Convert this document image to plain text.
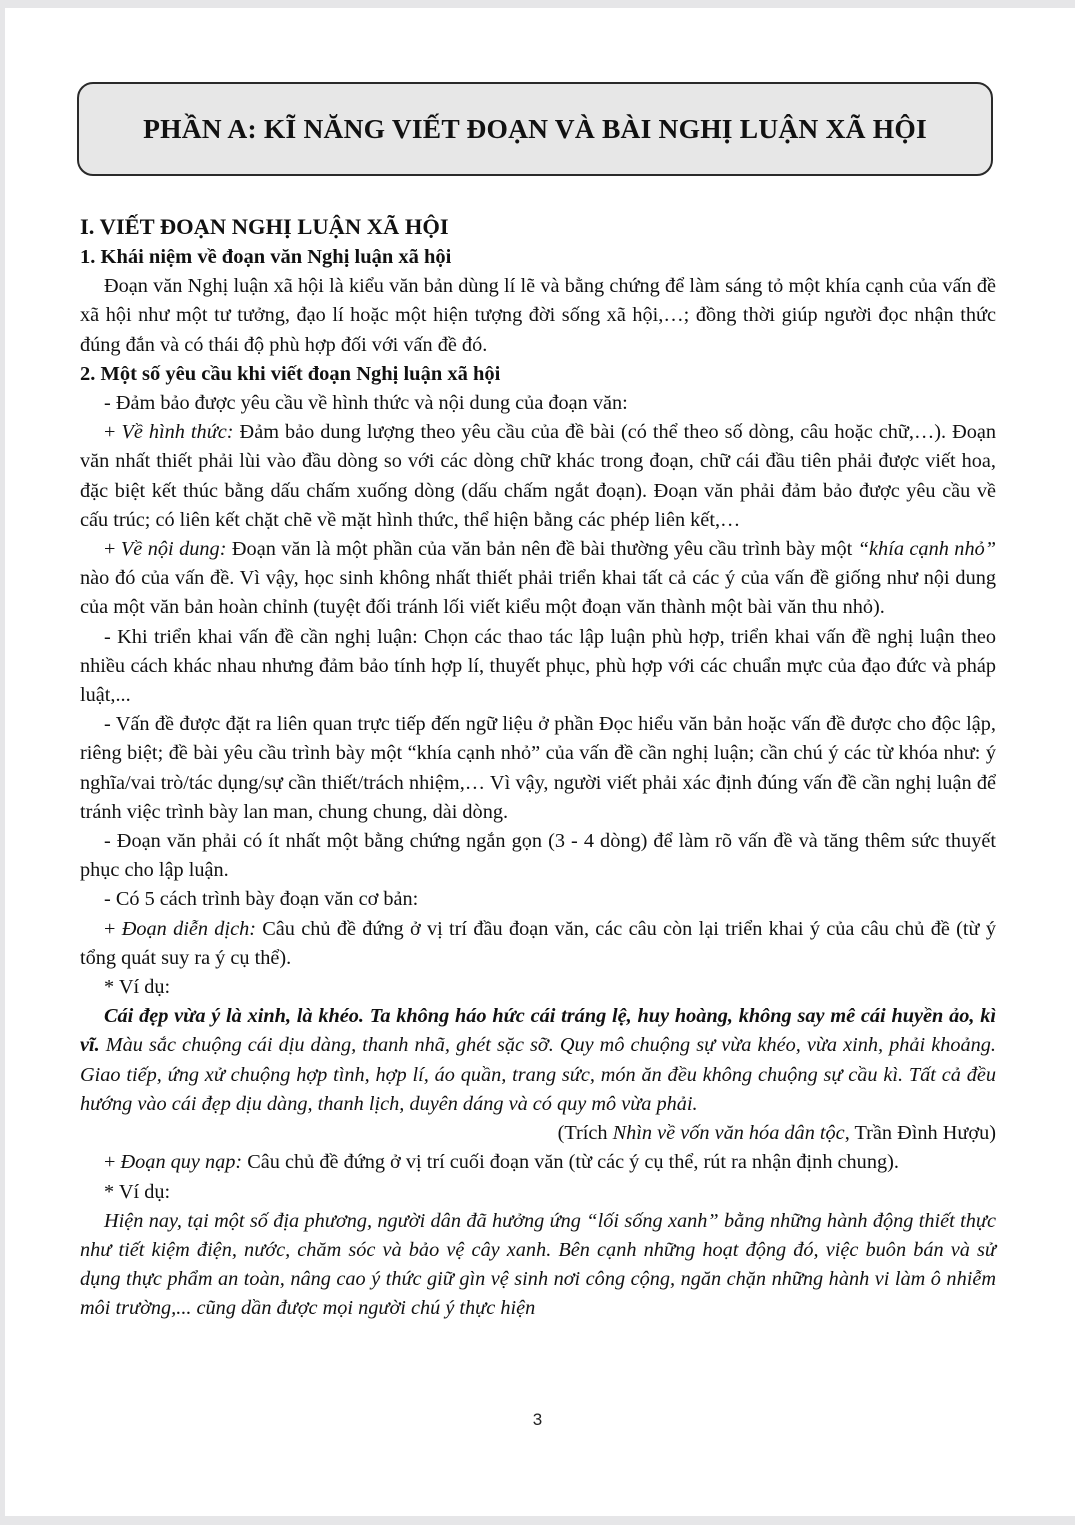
PHẦN A: KĨ NĂNG VIẾT ĐOẠN VÀ BÀI NGHỊ LUẬN XÃ HỘI

I. VIẾT ĐOẠN NGHỊ LUẬN XÃ HỘI

1. Khái niệm về đoạn văn Nghị luận xã hội

Đoạn văn Nghị luận xã hội là kiểu văn bản dùng lí lẽ và bằng chứng để làm sáng tỏ một khía cạnh của vấn đề xã hội như một tư tưởng, đạo lí hoặc một hiện tượng đời sống xã hội,…; đồng thời giúp người đọc nhận thức đúng đắn và có thái độ phù hợp đối với vấn đề đó.

2. Một số yêu cầu khi viết đoạn Nghị luận xã hội

- Đảm bảo được yêu cầu về hình thức và nội dung của đoạn văn:

+ Về hình thức: Đảm bảo dung lượng theo yêu cầu của đề bài (có thể theo số dòng, câu hoặc chữ,…). Đoạn văn nhất thiết phải lùi vào đầu dòng so với các dòng chữ khác trong đoạn, chữ cái đầu tiên phải được viết hoa, đặc biệt kết thúc bằng dấu chấm xuống dòng (dấu chấm ngắt đoạn). Đoạn văn phải đảm bảo được yêu cầu về cấu trúc; có liên kết chặt chẽ về mặt hình thức, thể hiện bằng các phép liên kết,…

+ Về nội dung: Đoạn văn là một phần của văn bản nên đề bài thường yêu cầu trình bày một “khía cạnh nhỏ” nào đó của vấn đề. Vì vậy, học sinh không nhất thiết phải triển khai tất cả các ý của vấn đề giống như nội dung của một văn bản hoàn chỉnh (tuyệt đối tránh lối viết kiểu một đoạn văn thành một bài văn thu nhỏ).

- Khi triển khai vấn đề cần nghị luận: Chọn các thao tác lập luận phù hợp, triển khai vấn đề nghị luận theo nhiều cách khác nhau nhưng đảm bảo tính hợp lí, thuyết phục, phù hợp với các chuẩn mực của đạo đức và pháp luật,...

- Vấn đề được đặt ra liên quan trực tiếp đến ngữ liệu ở phần Đọc hiểu văn bản hoặc vấn đề được cho độc lập, riêng biệt; đề bài yêu cầu trình bày một “khía cạnh nhỏ” của vấn đề cần nghị luận; cần chú ý các từ khóa như: ý nghĩa/vai trò/tác dụng/sự cần thiết/trách nhiệm,… Vì vậy, người viết phải xác định đúng vấn đề cần nghị luận để tránh việc trình bày lan man, chung chung, dài dòng.

- Đoạn văn phải có ít nhất một bằng chứng ngắn gọn (3 - 4 dòng) để làm rõ vấn đề và tăng thêm sức thuyết phục cho lập luận.

- Có 5 cách trình bày đoạn văn cơ bản:

+ Đoạn diễn dịch: Câu chủ đề đứng ở vị trí đầu đoạn văn, các câu còn lại triển khai ý của câu chủ đề (từ ý tổng quát suy ra ý cụ thể).

* Ví dụ:

Cái đẹp vừa ý là xinh, là khéo. Ta không háo hức cái tráng lệ, huy hoàng, không say mê cái huyền ảo, kì vĩ. Màu sắc chuộng cái dịu dàng, thanh nhã, ghét sặc sỡ. Quy mô chuộng sự vừa khéo, vừa xinh, phải khoảng. Giao tiếp, ứng xử chuộng hợp tình, hợp lí, áo quần, trang sức, món ăn đều không chuộng sự cầu kì. Tất cả đều hướng vào cái đẹp dịu dàng, thanh lịch, duyên dáng và có quy mô vừa phải.

(Trích Nhìn về vốn văn hóa dân tộc, Trần Đình Hượu)

+ Đoạn quy nạp: Câu chủ đề đứng ở vị trí cuối đoạn văn (từ các ý cụ thể, rút ra nhận định chung).

* Ví dụ:

Hiện nay, tại một số địa phương, người dân đã hưởng ứng “lối sống xanh” bằng những hành động thiết thực như tiết kiệm điện, nước, chăm sóc và bảo vệ cây xanh. Bên cạnh những hoạt động đó, việc buôn bán và sử dụng thực phẩm an toàn, nâng cao ý thức giữ gìn vệ sinh nơi công cộng, ngăn chặn những hành vi làm ô nhiễm môi trường,... cũng dần được mọi người chú ý thực hiện

3
